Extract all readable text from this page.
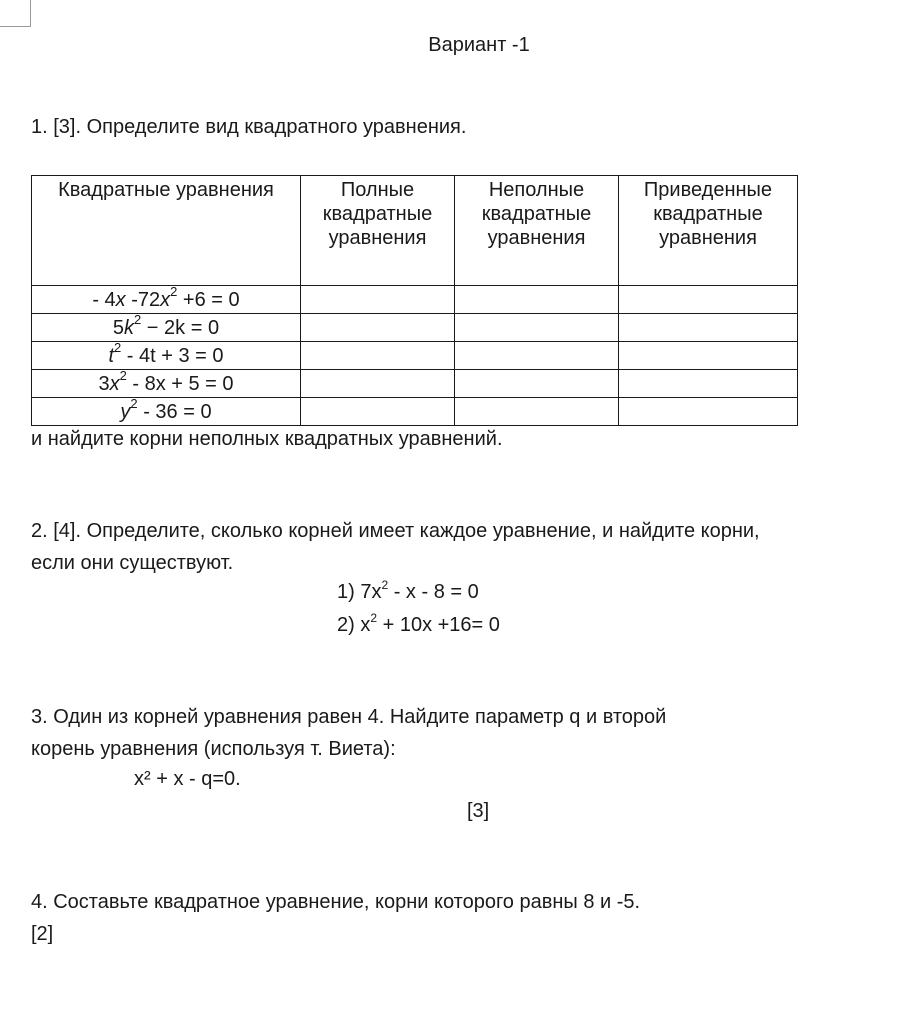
Вариант -1
1. [3]. Определите вид квадратного уравнения.
Квадратные уравнения	Полные квадратные уравнения	Неполные квадратные уравнения	Приведенные квадратные уравнения

- 4x $-72x^2 +6 = 0$			
$5k^2 - 2k = 0$			
$t^2 - 4t + 3 = 0$			
$3x^2 - 8x + 5 = 0$			
$y^2 - 36 = 0$			
и найдите корни неполных квадратных уравнений.
2. [4]. Определите, сколько корней имеет каждое уравнение, и найдите корни,
если они существуют.
1) $7x^2 - x - 8 = 0$
2) $x^2 + 10x +16= 0$
3. Один из корней уравнения равен 4. Найдите параметр q и второй
корень уравнения (используя т. Виета):
x² + x - q=0.
[3]
4. Составьте квадратное уравнение, корни которого равны 8 и -5.
[2]
